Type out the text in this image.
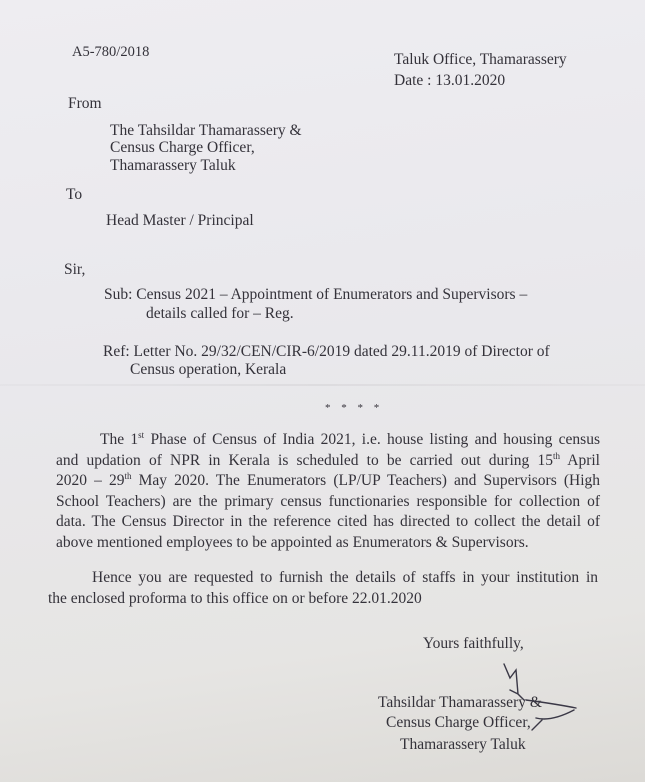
A5-780/2018	Taluk Office, Thamarassery
Date : 13.01.2020
From
The Tahsildar Thamarassery &
Census Charge Officer,
Thamarassery Taluk
To
Head Master / Principal
Sir,
Sub: Census 2021 – Appointment of Enumerators and Supervisors –
details called for – Reg.
Ref: Letter No. 29/32/CEN/CIR-6/2019 dated 29.11.2019 of Director of
Census operation, Kerala
* * * *
The 1st Phase of Census of India 2021, i.e. house listing and housing census
and updation of NPR in Kerala is scheduled to be carried out during 15th April
2020 – 29th May 2020. The Enumerators (LP/UP Teachers) and Supervisors (High
School Teachers) are the primary census functionaries responsible for collection of
data. The Census Director in the reference cited has directed to collect the detail of
above mentioned employees to be appointed as Enumerators & Supervisors.
Hence you are requested to furnish the details of staffs in your institution in
the enclosed proforma to this office on or before 22.01.2020
Yours faithfully,
Tahsildar Thamarassery &
Census Charge Officer,
Thamarassery Taluk
